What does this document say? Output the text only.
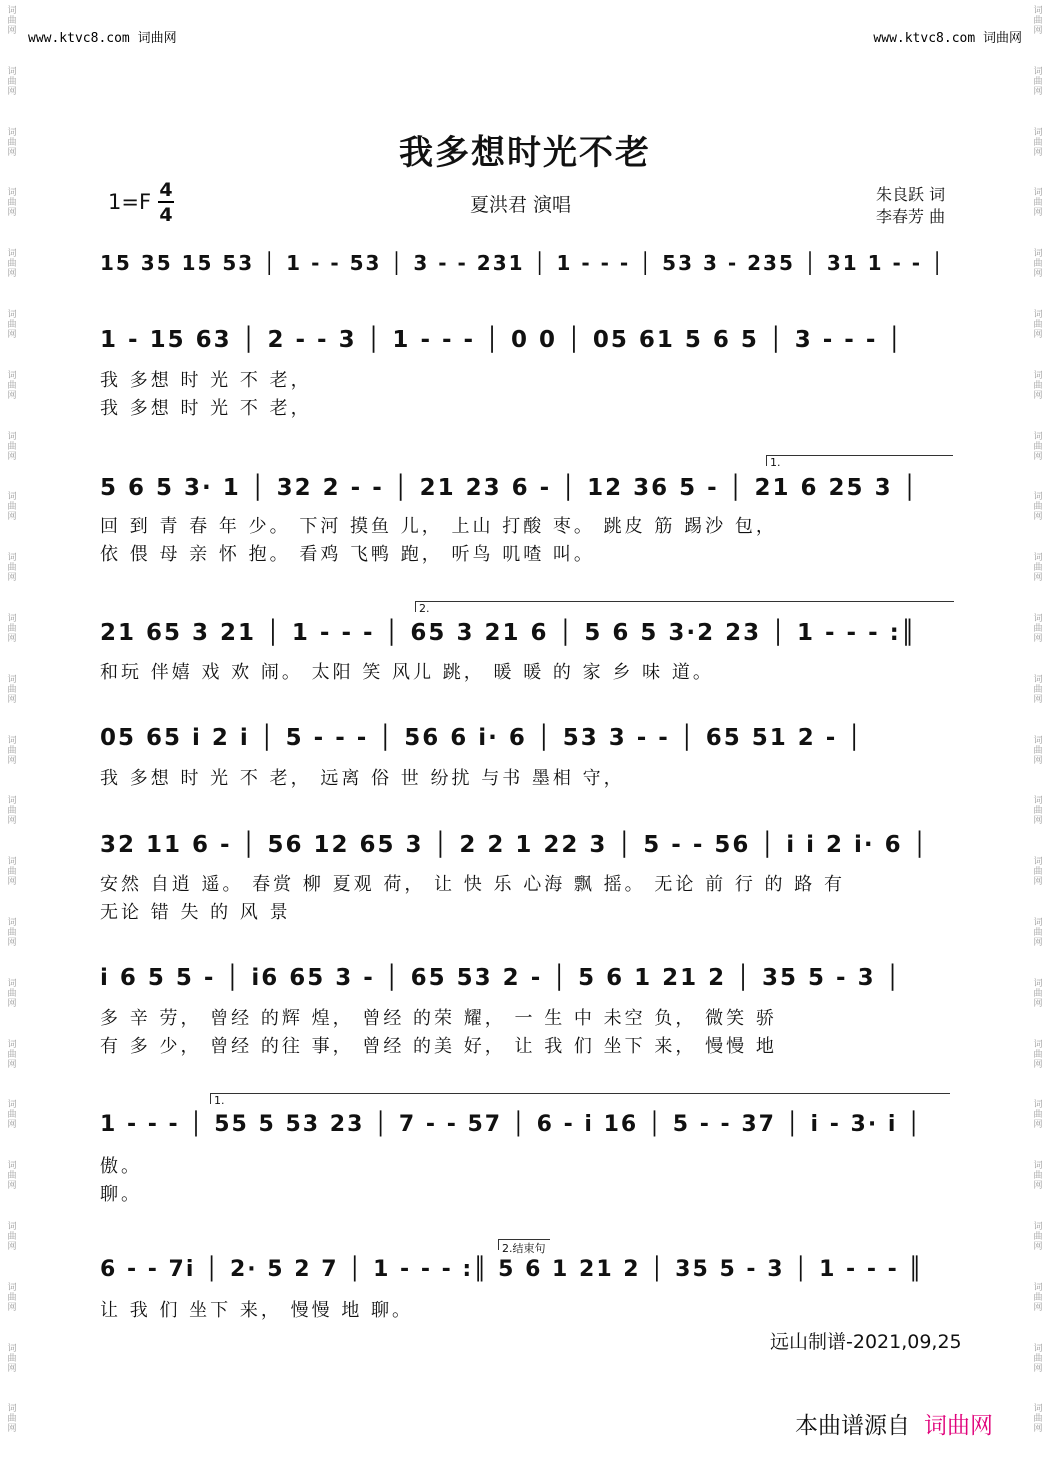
词
曲
网
词
曲
网
词
曲
网
词
曲
网
词
曲
网
词
曲
网
词
曲
网
词
曲
网
词
曲
网
词
曲
网
词
曲
网
词
曲
网
词
曲
网
词
曲
网
词
曲
网
词
曲
网
词
曲
网
词
曲
网
词
曲
网
词
曲
网
词
曲
网
词
曲
网
词
曲
网
词
曲
网
词
曲
网
词
曲
网
词
曲
网
词
曲
网
词
曲
网
词
曲
网
词
曲
网
词
曲
网
词
曲
网
词
曲
网
词
曲
网
词
曲
网
词
曲
网
词
曲
网
词
曲
网
词
曲
网
词
曲
网
词
曲
网
词
曲
网
词
曲
网
词
曲
网
词
曲
网
词
曲
网
词
曲
网
www.ktvc8.com 词曲网	www.ktvc8.com 词曲网
我多想时光不老
1=F 4
4	夏洪君 演唱	朱良跃 词
李春芳 曲
15 35 15 53 │ 1 - - 53 │ 3 - - 231 │ 1 - - - │ 53 3 - 235 │ 31 1 - - │
1 - 15 63 │ 2 - - 3 │ 1 - - - │ 0 0 │ 05 61 5 6 5 │ 3 - - - │
我 多想 时 光 不 老，
我 多想 时 光 不 老，
5 6 5 3· 1 │ 32 2 - - │ 21 23 6 - │ 12 36 5 - │ 21 6 25 3 │
回 到 青 春 年 少。 下河 摸鱼 儿， 上山 打酸 枣。 跳皮 筋 踢沙 包，
依 偎 母 亲 怀 抱。 看鸡 飞鸭 跑， 听鸟 叽喳 叫。
1.
21 65 3 21 │ 1 - - - │ 65 3 21 6 │ 5 6 5 3·2 23 │ 1 - - - :║
和玩 伴嬉 戏 欢 闹。 太阳 笑 风儿 跳， 暖 暖 的 家 乡 味 道。
2.
05 65 i 2 i │ 5 - - - │ 56 6 i· 6 │ 53 3 - - │ 65 51 2 - │
我 多想 时 光 不 老， 远离 俗 世 纷扰 与书 墨相 守，
32 11 6 - │ 56 12 65 3 │ 2 2 1 22 3 │ 5 - - 56 │ i i 2 i· 6 │
安然 自逍 遥。 春赏 柳 夏观 荷， 让 快 乐 心海 飘 摇。 无论 前 行 的 路 有
无论 错 失 的 风 景
i 6 5 5 - │ i6 65 3 - │ 65 53 2 - │ 5 6 1 21 2 │ 35 5 - 3 │
多 辛 劳， 曾经 的辉 煌， 曾经 的荣 耀， 一 生 中 未空 负， 微笑 骄
有 多 少， 曾经 的往 事， 曾经 的美 好， 让 我 们 坐下 来， 慢慢 地
1 - - - │ 55 5 53 23 │ 7 - - 57 │ 6 - i 16 │ 5 - - 37 │ i - 3· i │
傲。
聊。
1.
6 - - 7i │ 2· 5 2 7 │ 1 - - - :║ 5 6 1 21 2 │ 35 5 - 3 │ 1 - - - ║
让 我 们 坐下 来， 慢慢 地 聊。
2.结束句
远山制谱-2021,09,25
本曲谱源自 词曲网
